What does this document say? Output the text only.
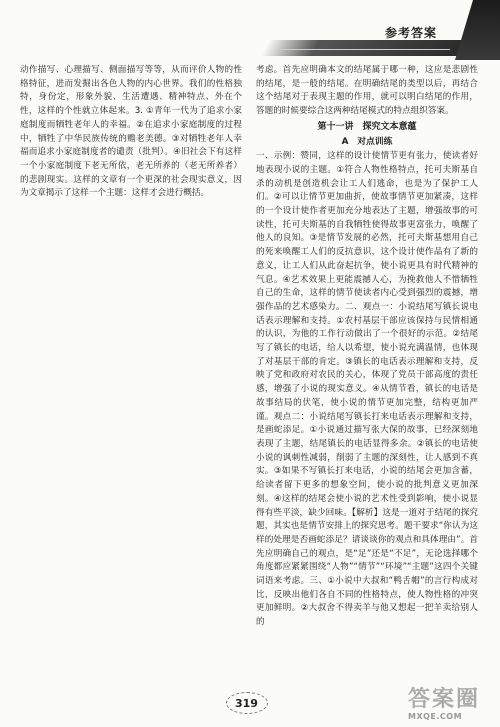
参考答案

动作描写、心理描写、侧面描写等等，从而评价人物的性格特征，进而发掘出各色人物的内心世界。我们的性格独特，身份定，形象外貌、生活遭遇、精神特点、外在个性，这样的个性就立体起来。3. ①青年一代为了追求小家庭制度而牺牲老年人的幸福。②在追求小家庭制度的过程中，牺牲了中华民族传统的赡老美德。③对牺牲老年人幸福而追求小家庭制度者的谴责（批判）。④旧社会下有这样一个小家庭制度下老无所依，老无所养的（老无所养者）的悲剧现实。这样的文章有一个更深的社会现实意义，因为文章揭示了这样一个主题：这样才会进行概括。

考虑。首先应明确本文的结尾属于哪一种，这应是悲剧性的结尾，是一般的结尾。在明确结尾的类型以后，再结合这个结尾对于表现主题的作用，就可以明白结尾的作用，答题的时候要综合这两种结尾模式的特点组织答案。

第十一讲　探究文本意蕴
A　对点训练

一、示例：赞同，这样的设计使情节更有张力，使读者好地表现小说的主题。①符合人物性格特点，托可夫斯基自杀的动机是创造机会让工人们逃命，也是为了保护工人们。②可以让情节更加曲折，使故事情节更加紧凑，这样的一个设计使作者更加充分地表达了主题，增强故事的可读性，托可夫斯基的自我牺牲使得故事更富张力，唤醒了他人的良知。③是情节发展的必然，托可夫斯基想用自己的死来唤醒工人们的反抗意识，这个设计使作品有了新的意义，让工人们从此奋起抗争，使小说更具有时代精神的气息。④艺术效果上更能震撼人心，为挽救他人不惜牺牲自己的生命，这样的情节使读者内心受到强烈的震撼，增强作品的艺术感染力。二、观点一：小说结尾写镇长说电话表示理解和支持。①农村基层干部应该保持与民情相通的认识，为他的工作行动做出了一个很好的示范。②结尾写了镇长的电话，给人以希望，使小说充满温情，也体现了对基层干部的肯定。③镇长的电话表示理解和支持，反映了党和政府对农民的关心，体现了党员干部高度的责任感，增强了小说的现实意义。④从情节看，镇长的电话是故事结局的伏笔，使小说的情节更加完整，结构更加严谨。观点二：小说结尾写镇长打来电话表示理解和支持，是画蛇添足。①小说通过描写张大保的故事，已经深刻地表现了主题，结尾镇长的电话显得多余。②镇长的电话使小说的讽刺性减弱，削弱了主题的深刻性，让人感到不真实。③如果不写镇长打来电话，小说的结尾会更加含蓄，给读者留下更多的想象空间，使小说的批判意义更加深刻。④这样的结尾会使小说的艺术性受到影响，使小说显得有些平淡，缺少回味。【解析】这是一道对于结尾的探究题，其实也是情节安排上的探究思考。题干要求“你认为这样的处理是否画蛇添足？请谈谈你的观点和具体理由”。首先应明确自己的观点，是“足”还是“不足”，无论选择哪个角度都应紧紧围绕“人物”“情节”“环境”“主题”这四个关键词语来考虑。三、①小说中大叔和“鸭舌帽”的言行构成对比，反映出他们各自不同的性格特点，使人物性格的冲突更加鲜明。②大叔舍不得卖羊与他又想起一把羊卖给别人的

319	答案圈
MXQE.COM
